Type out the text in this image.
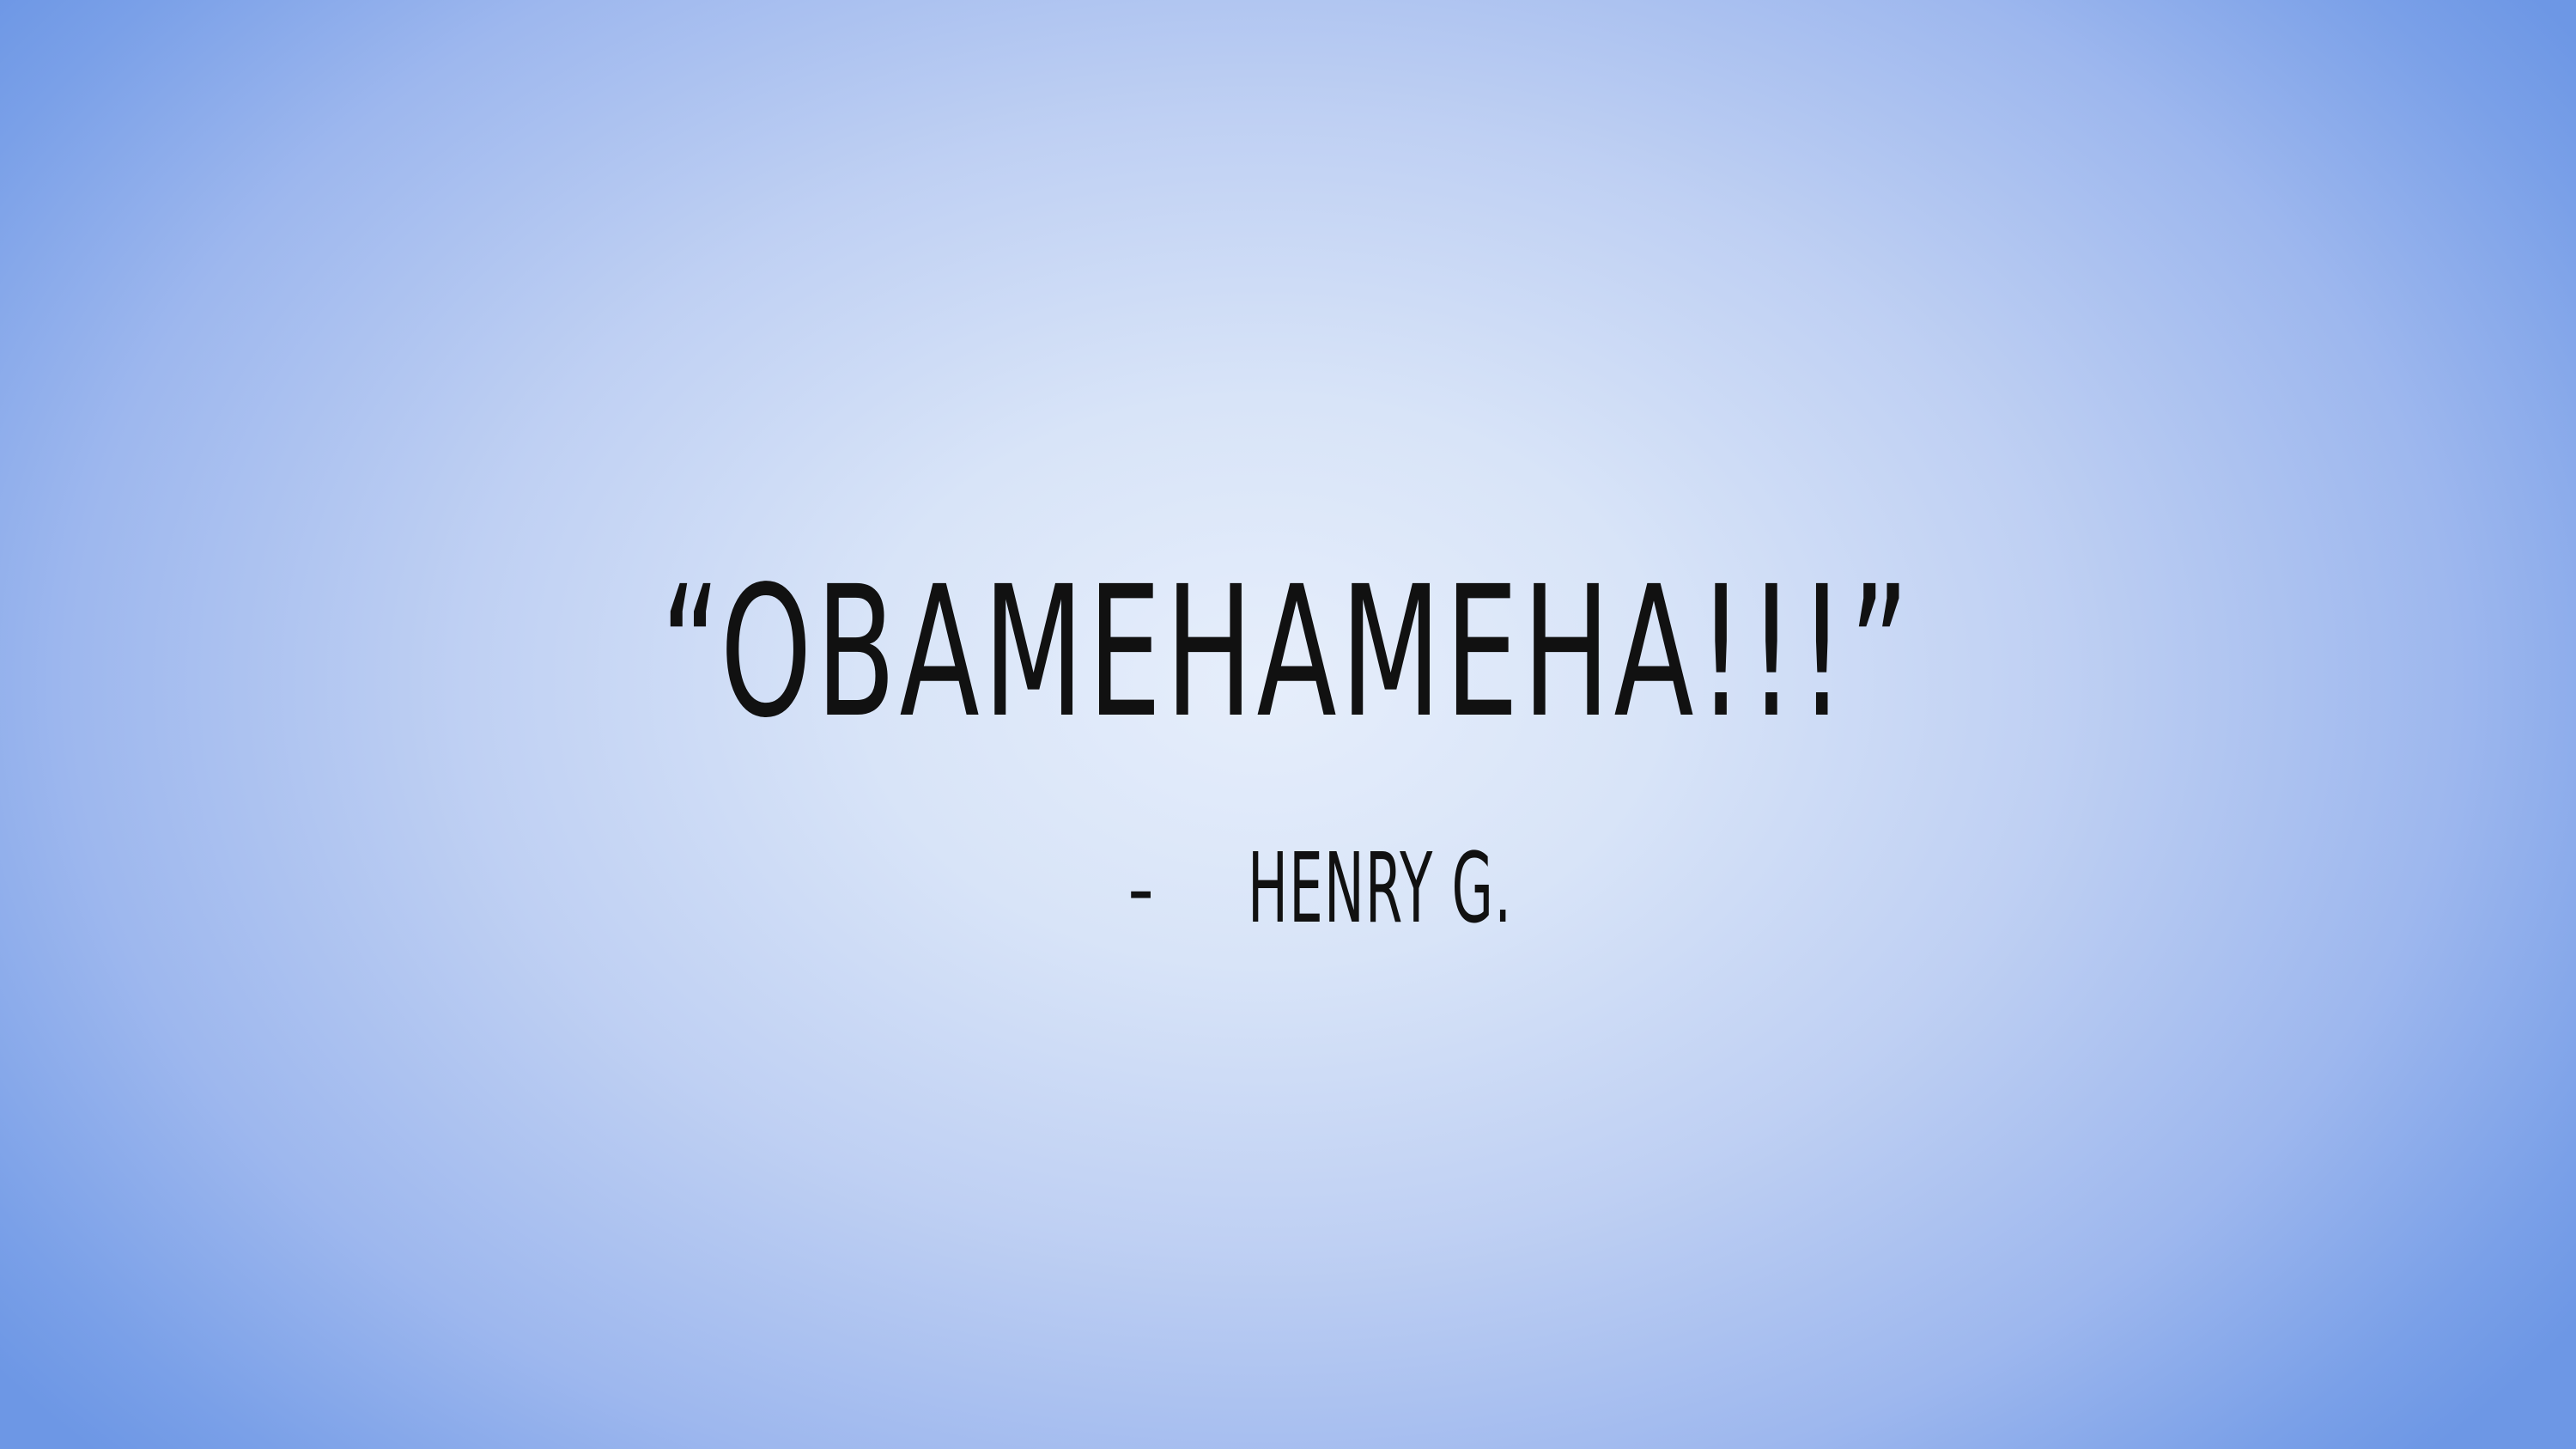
“OBAMEHAMEHA!!!”
- HENRY G.
